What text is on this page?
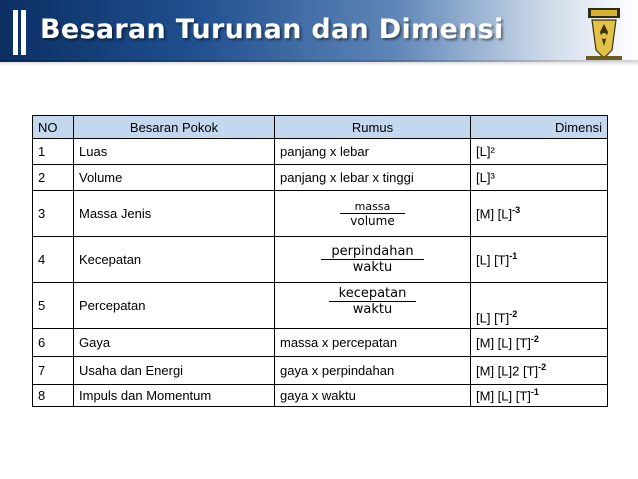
Besaran Turunan dan Dimensi
NO	Besaran Pokok	Rumus	Dimensi
1	Luas	panjang x lebar	[L]²
2	Volume	panjang x lebar x tinggi	[L]³
3	Massa Jenis	$\frac{\text{massa}}{\text{volume}}$	[M] $[L]^{-3}$
4	Kecepatan	$\frac{\text{perpindahan}}{\text{waktu}}$	[L] $[T]^{-1}$
5	Percepatan	$\frac{\text{kecepatan}}{\text{waktu}}$	[L] $[T]^{-2}$
6	Gaya	massa x percepatan	[M] [L] $[T]^{-2}$
7	Usaha dan Energi	gaya x perpindahan	[M] [L]2 $[T]^{-2}$
8	Impuls dan Momentum	gaya x waktu	[M] [L] $[T]^{-1}$
